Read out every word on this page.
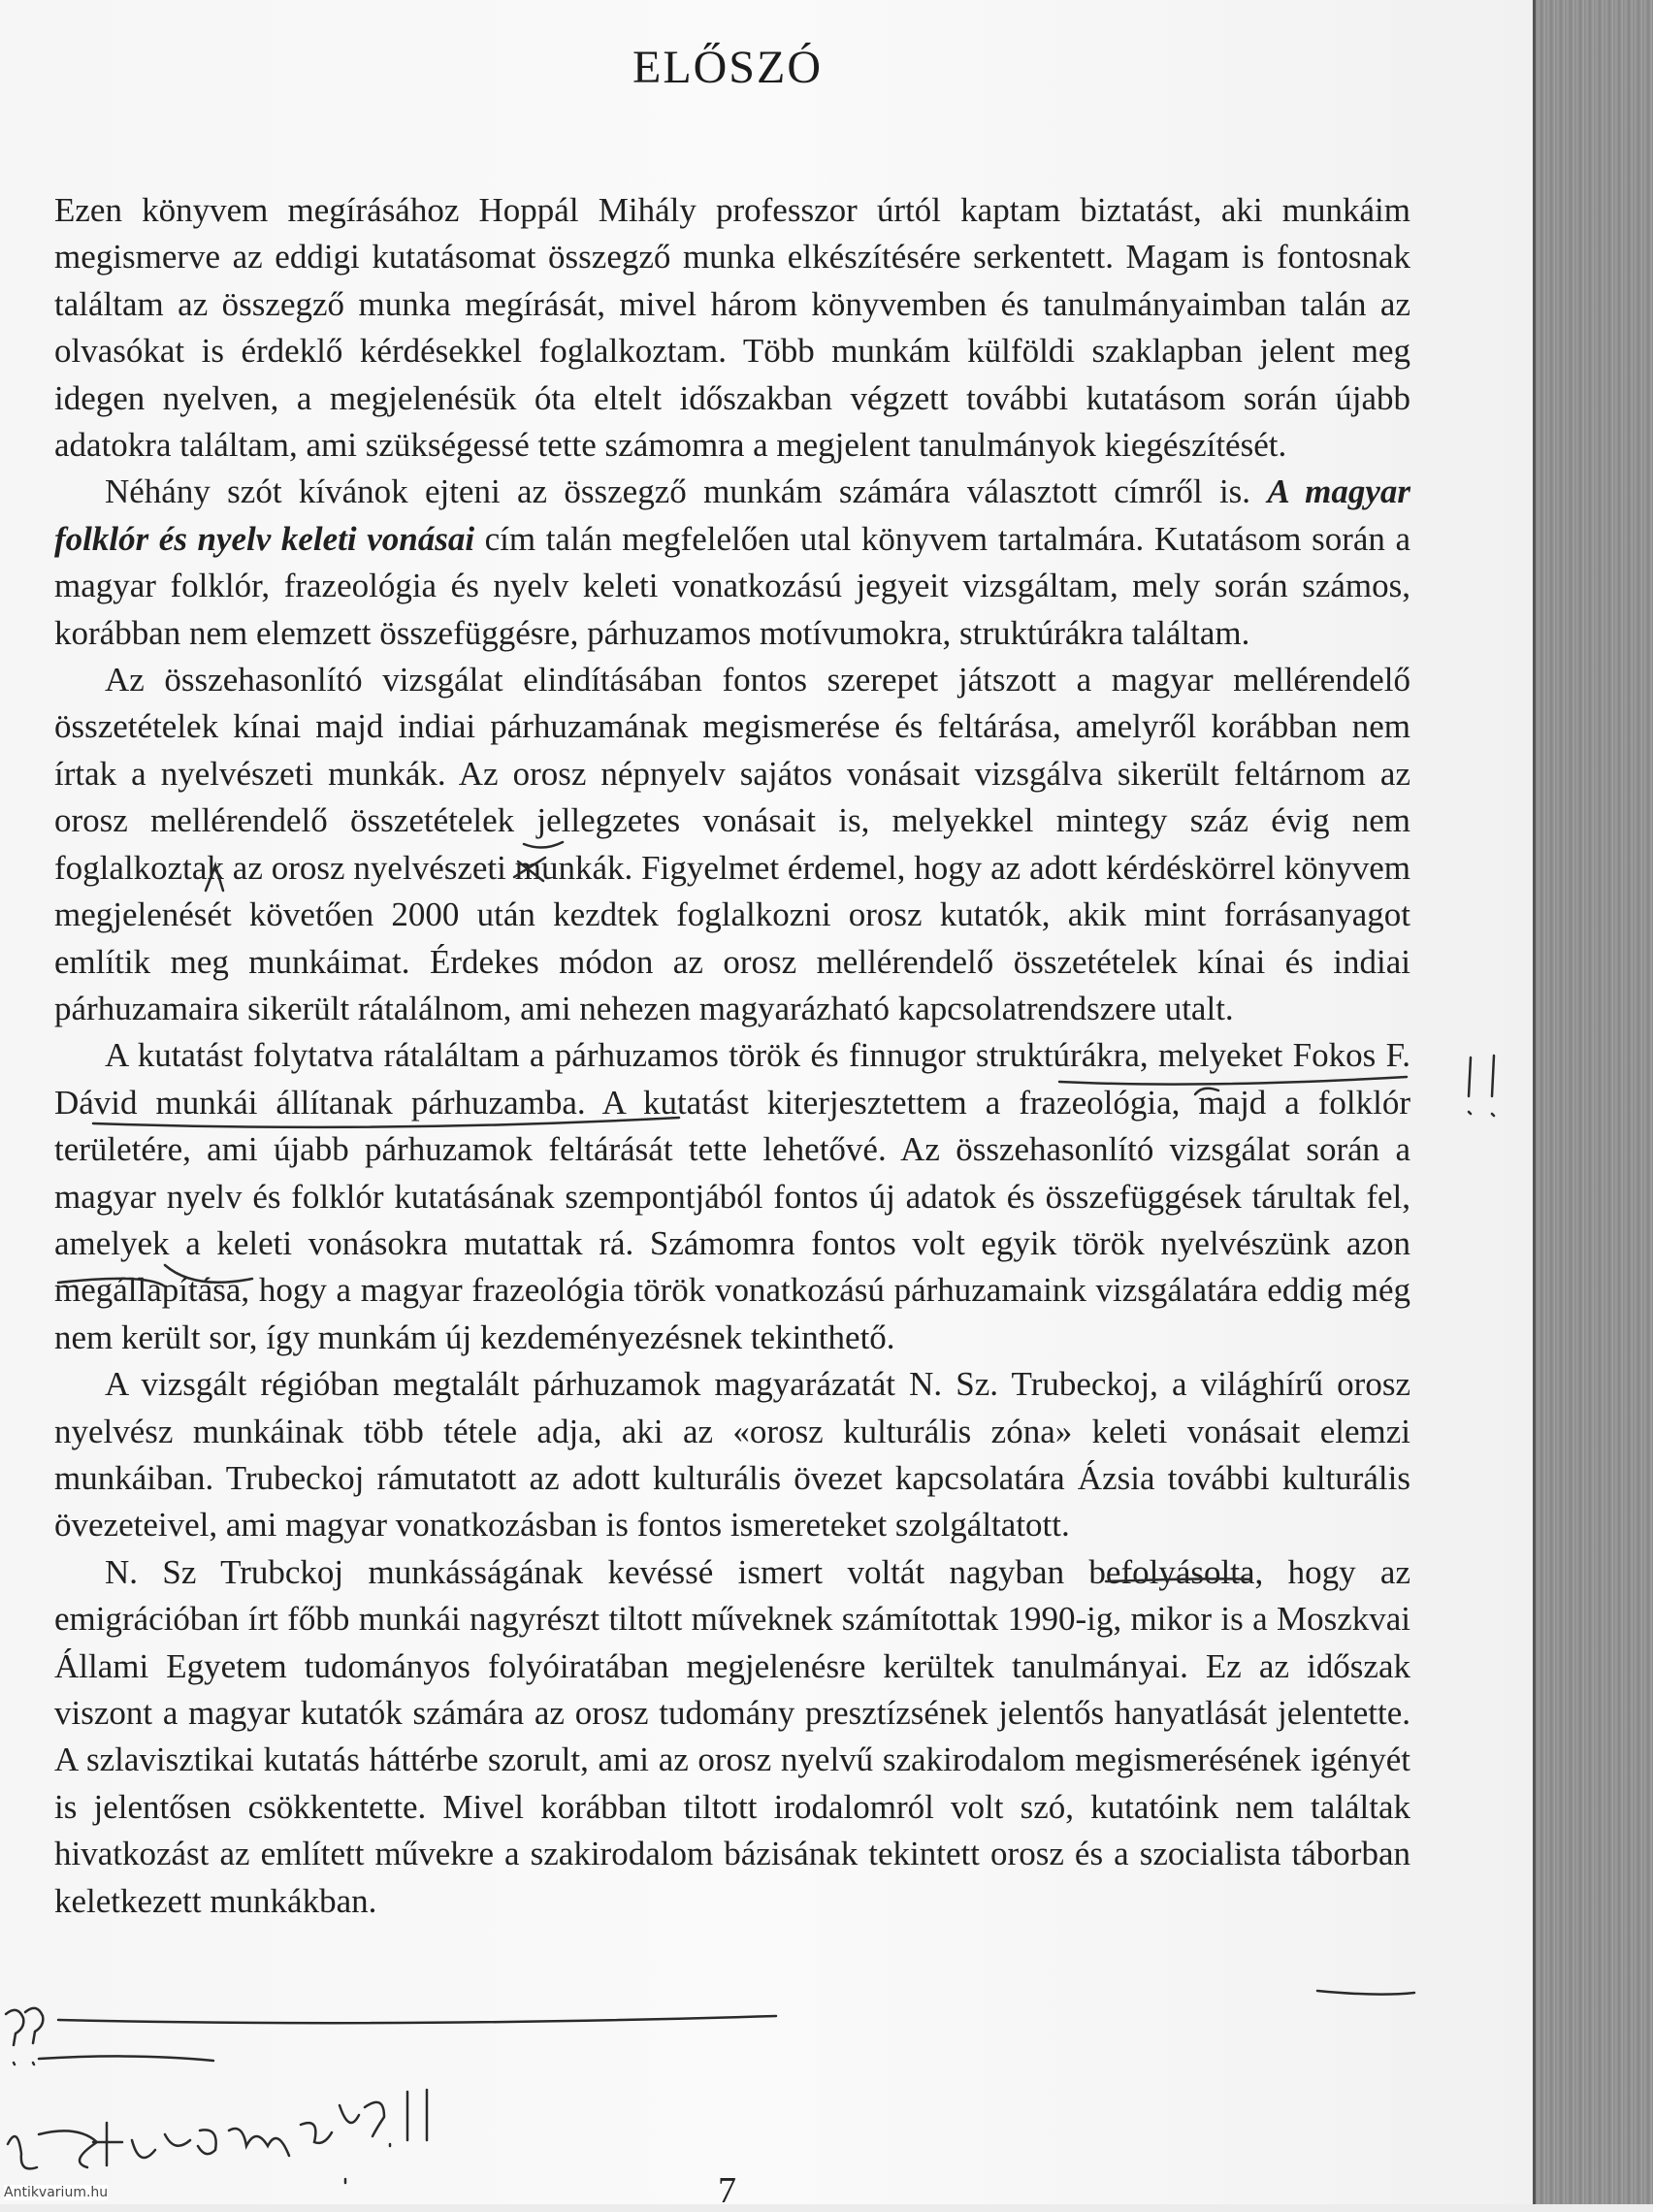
ELŐSZÓ

Ezen könyvem megírásához Hoppál Mihály professzor úrtól kaptam biztatást, aki munkáim megismerve az eddigi kutatásomat összegző munka elkészítésére serkentett. Magam is fontosnak találtam az összegző munka megírását, mivel három könyvemben és tanulmányaimban talán az olvasókat is érdeklő kérdésekkel foglalkoztam. Több munkám külföldi szaklapban jelent meg idegen nyelven, a megjelenésük óta eltelt időszakban végzett további kutatásom során újabb adatokra találtam, ami szükségessé tette számomra a megjelent tanulmányok kiegészítését.

Néhány szót kívánok ejteni az összegző munkám számára választott címről is. A magyar folklór és nyelv keleti vonásai cím talán megfelelően utal könyvem tartalmára. Kutatásom során a magyar folklór, frazeológia és nyelv keleti vonatkozású jegyeit vizsgáltam, mely során számos, korábban nem elemzett összefüggésre, párhuzamos motívumokra, struktúrákra találtam.

Az összehasonlító vizsgálat elindításában fontos szerepet játszott a magyar mellérendelő összetételek kínai majd indiai párhuzamának megismerése és feltárása, amelyről korábban nem írtak a nyelvészeti munkák. Az orosz népnyelv sajátos vonásait vizsgálva sikerült feltárnom az orosz mellérendelő összetételek jellegzetes vonásait is, melyekkel mintegy száz évig nem foglalkoztak az orosz nyelvészeti munkák. Figyelmet érdemel, hogy az adott kérdéskörrel könyvem megjelenését követően 2000 után kezdtek foglalkozni orosz kutatók, akik mint forrásanyagot említik meg munkáimat. Érdekes módon az orosz mellérendelő összetételek kínai és indiai párhuzamaira sikerült rátalálnom, ami nehezen magyarázható kapcsolatrendszere utalt.

A kutatást folytatva rátaláltam a párhuzamos török és finnugor struktúrákra, melyeket Fokos F. Dávid munkái állítanak párhuzamba. A kutatást kiterjesztettem a frazeológia, majd a folklór területére, ami újabb párhuzamok feltárását tette lehetővé. Az összehasonlító vizsgálat során a magyar nyelv és folklór kutatásának szempontjából fontos új adatok és összefüggések tárultak fel, amelyek a keleti vonásokra mutattak rá. Számomra fontos volt egyik török nyelvészünk azon megállapítása, hogy a magyar frazeológia török vonatkozású párhuzamaink vizsgálatára eddig még nem került sor, így munkám új kezdeményezésnek tekinthető.

A vizsgált régióban megtalált párhuzamok magyarázatát N. Sz. Trubeckoj, a világhírű orosz nyelvész munkáinak több tétele adja, aki az «orosz kulturális zóna» keleti vonásait elemzi munkáiban. Trubeckoj rámutatott az adott kulturális övezet kapcsolatára Ázsia további kulturális övezeteivel, ami magyar vonatkozásban is fontos ismereteket szolgáltatott.

N. Sz Trubckoj munkásságának kevéssé ismert voltát nagyban befolyásolta, hogy az emigrációban írt főbb munkái nagyrészt tiltott műveknek számítottak 1990-ig, mikor is a Moszkvai Állami Egyetem tudományos folyóiratában megjelenésre kerültek tanulmányai. Ez az időszak viszont a magyar kutatók számára az orosz tudomány presztízsének jelentős hanyatlását jelentette. A szlavisztikai kutatás háttérbe szorult, ami az orosz nyelvű szakirodalom megismerésének igényét is jelentősen csökkentette. Mivel korábban tiltott irodalomról volt szó, kutatóink nem találtak hivatkozást az említett művekre a szakirodalom bázisának tekintett orosz és a szocialista táborban keletkezett munkákban.

7
Antikvarium.hu
